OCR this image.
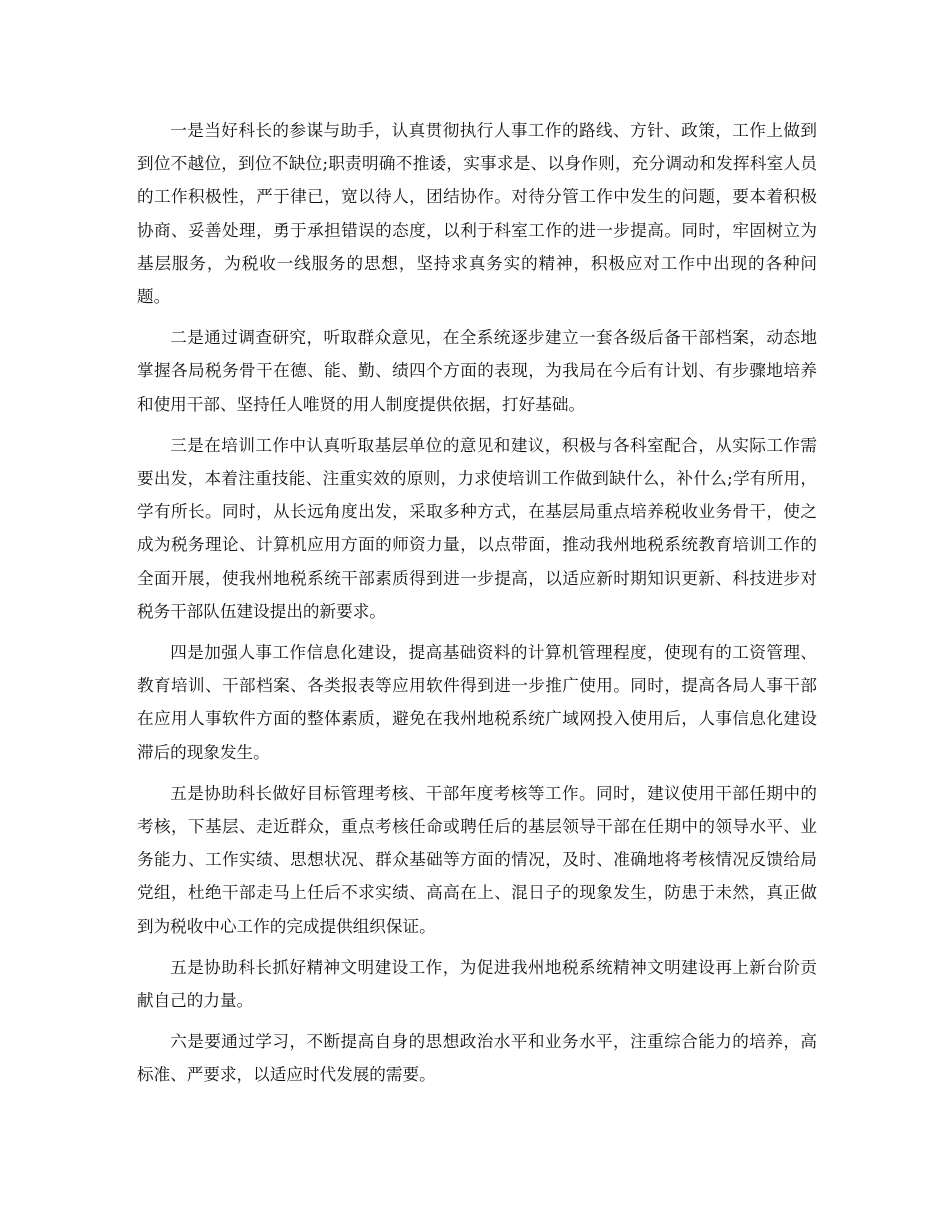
一是当好科长的参谋与助手，认真贯彻执行人事工作的路线、方针、政策，工作上做到到位不越位，到位不缺位;职责明确不推诿，实事求是、以身作则，充分调动和发挥科室人员的工作积极性，严于律已，宽以待人，团结协作。对待分管工作中发生的问题，要本着积极协商、妥善处理，勇于承担错误的态度，以利于科室工作的进一步提高。同时，牢固树立为基层服务，为税收一线服务的思想，坚持求真务实的精神，积极应对工作中出现的各种问题。

二是通过调查研究，听取群众意见，在全系统逐步建立一套各级后备干部档案，动态地掌握各局税务骨干在德、能、勤、绩四个方面的表现，为我局在今后有计划、有步骤地培养和使用干部、坚持任人唯贤的用人制度提供依据，打好基础。

三是在培训工作中认真听取基层单位的意见和建议，积极与各科室配合，从实际工作需要出发，本着注重技能、注重实效的原则，力求使培训工作做到缺什么，补什么;学有所用，学有所长。同时，从长远角度出发，采取多种方式，在基层局重点培养税收业务骨干，使之成为税务理论、计算机应用方面的师资力量，以点带面，推动我州地税系统教育培训工作的全面开展，使我州地税系统干部素质得到进一步提高，以适应新时期知识更新、科技进步对税务干部队伍建设提出的新要求。

四是加强人事工作信息化建设，提高基础资料的计算机管理程度，使现有的工资管理、教育培训、干部档案、各类报表等应用软件得到进一步推广使用。同时，提高各局人事干部在应用人事软件方面的整体素质，避免在我州地税系统广域网投入使用后，人事信息化建设滞后的现象发生。

五是协助科长做好目标管理考核、干部年度考核等工作。同时，建议使用干部任期中的考核，下基层、走近群众，重点考核任命或聘任后的基层领导干部在任期中的领导水平、业务能力、工作实绩、思想状况、群众基础等方面的情况，及时、准确地将考核情况反馈给局党组，杜绝干部走马上任后不求实绩、高高在上、混日子的现象发生，防患于未然，真正做到为税收中心工作的完成提供组织保证。

五是协助科长抓好精神文明建设工作，为促进我州地税系统精神文明建设再上新台阶贡献自己的力量。

六是要通过学习，不断提高自身的思想政治水平和业务水平，注重综合能力的培养，高标准、严要求，以适应时代发展的需要。
